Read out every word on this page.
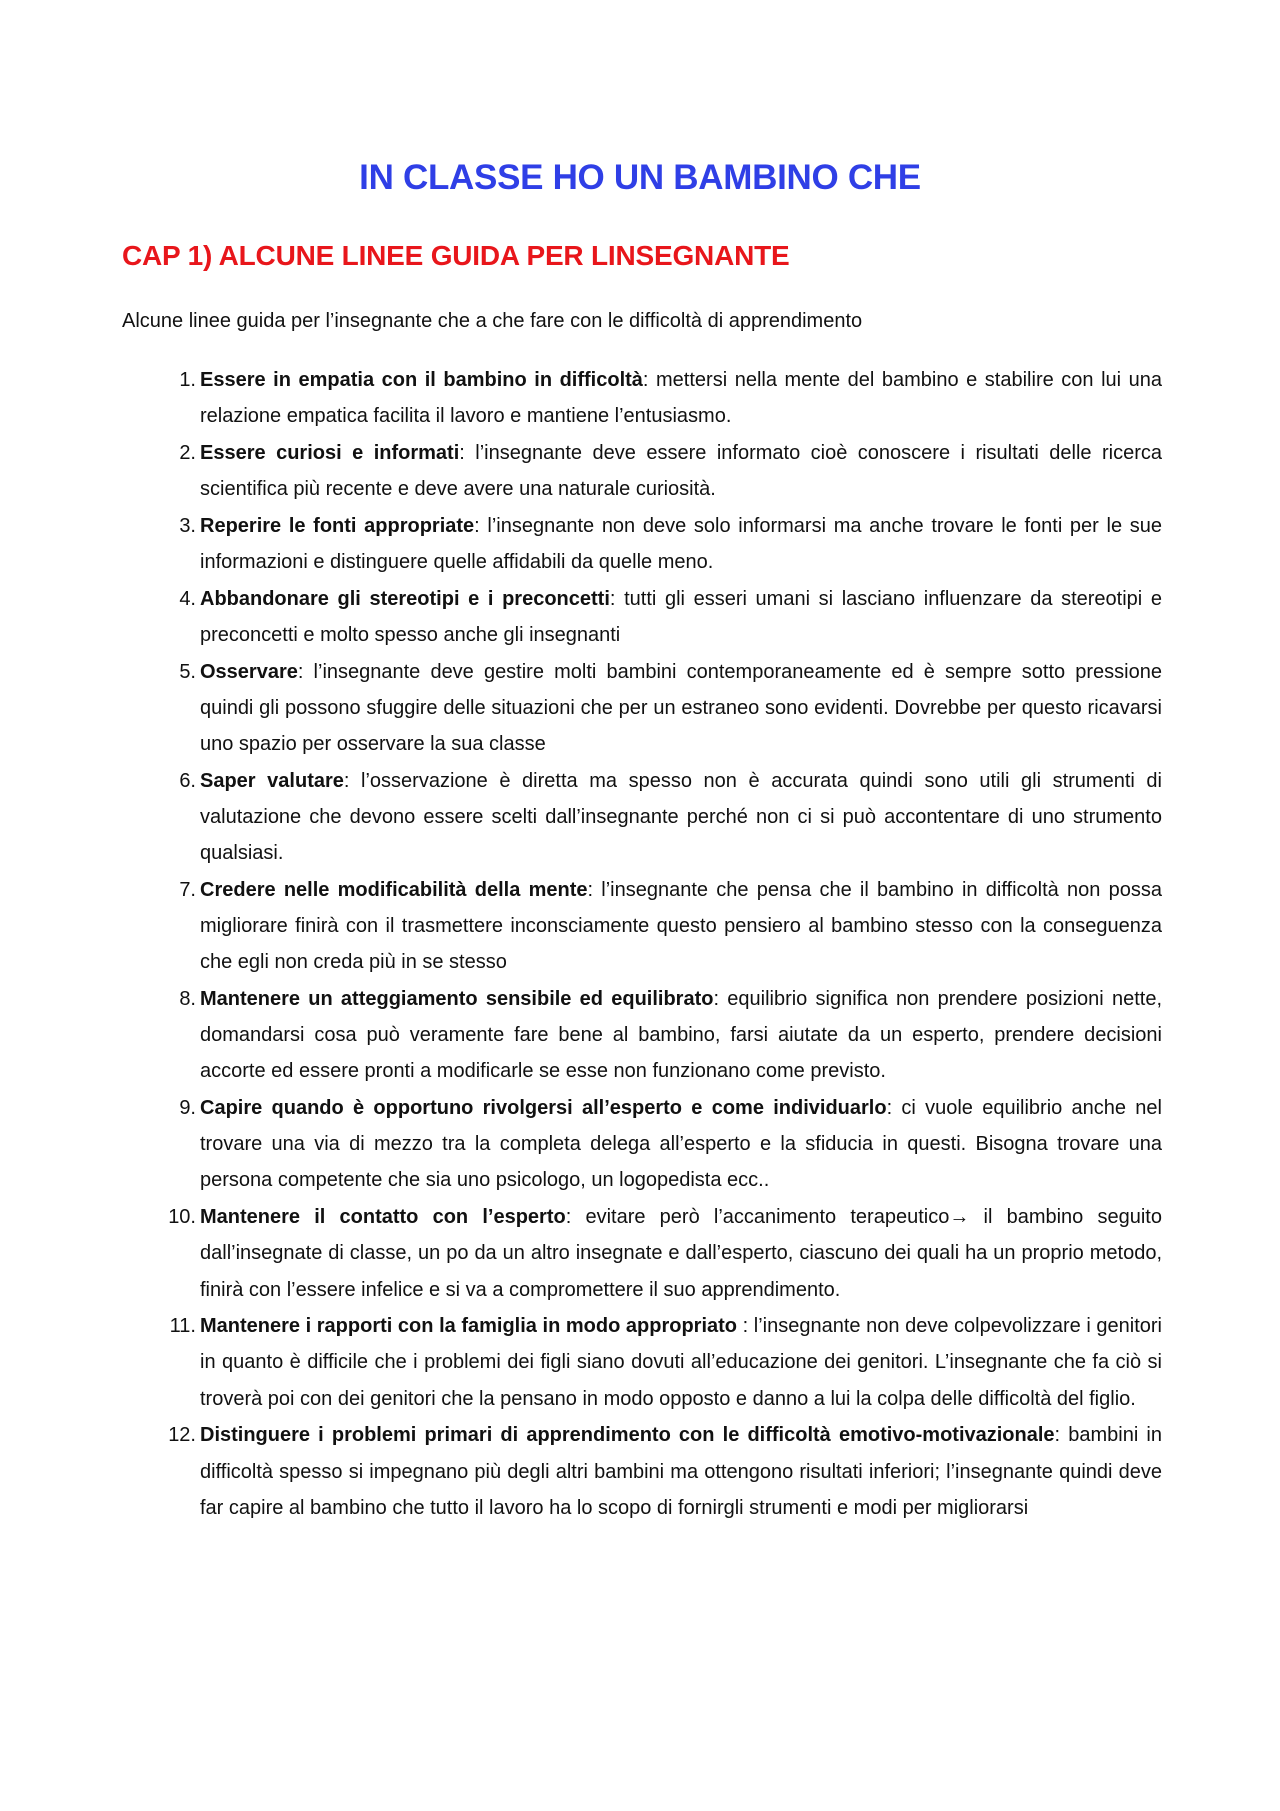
IN CLASSE HO UN BAMBINO CHE
CAP 1) ALCUNE LINEE GUIDA PER LINSEGNANTE

Alcune linee guida per l’insegnante che a che fare con le difficoltà di apprendimento

1. Essere in empatia con il bambino in difficoltà: mettersi nella mente del bambino e stabilire con lui una relazione empatica facilita il lavoro e mantiene l’entusiasmo.
2. Essere curiosi e informati: l’insegnante deve essere informato cioè conoscere i risultati delle ricerca scientifica più recente e deve avere una naturale curiosità.
3. Reperire le fonti appropriate: l’insegnante non deve solo informarsi ma anche trovare le fonti per le sue informazioni e distinguere quelle affidabili da quelle meno.
4. Abbandonare gli stereotipi e i preconcetti: tutti gli esseri umani si lasciano influenzare da stereotipi e preconcetti e molto spesso anche gli insegnanti
5. Osservare: l’insegnante deve gestire molti bambini contemporaneamente ed è sempre sotto pressione quindi gli possono sfuggire delle situazioni che per un estraneo sono evidenti. Dovrebbe per questo ricavarsi uno spazio per osservare la sua classe
6. Saper valutare: l’osservazione è diretta ma spesso non è accurata quindi sono utili gli strumenti di valutazione che devono essere scelti dall’insegnante perché non ci si può accontentare di uno strumento qualsiasi.
7. Credere nelle modificabilità della mente: l’insegnante che pensa che il bambino in difficoltà non possa migliorare finirà con il trasmettere inconsciamente questo pensiero al bambino stesso con la conseguenza che egli non creda più in se stesso
8. Mantenere un atteggiamento sensibile ed equilibrato: equilibrio significa non prendere posizioni nette, domandarsi cosa può veramente fare bene al bambino, farsi aiutate da un esperto, prendere decisioni accorte ed essere pronti a modificarle se esse non funzionano come previsto.
9. Capire quando è opportuno rivolgersi all’esperto e come individuarlo: ci vuole equilibrio anche nel trovare una via di mezzo tra la completa delega all’esperto e la sfiducia in questi. Bisogna trovare una persona competente che sia uno psicologo, un logopedista ecc..
10. Mantenere il contatto con l’esperto: evitare però l’accanimento terapeutico→ il bambino seguito dall’insegnate di classe, un po da un altro insegnate e dall’esperto, ciascuno dei quali ha un proprio metodo, finirà con l’essere infelice e si va a compromettere il suo apprendimento.
11. Mantenere i rapporti con la famiglia in modo appropriato : l’insegnante non deve colpevolizzare i genitori in quanto è difficile che i problemi dei figli siano dovuti all’educazione dei genitori. L’insegnante che fa ciò si troverà poi con dei genitori che la pensano in modo opposto e danno a lui la colpa delle difficoltà del figlio.
12. Distinguere i problemi primari di apprendimento con le difficoltà emotivo-motivazionale: bambini in difficoltà spesso si impegnano più degli altri bambini ma ottengono risultati inferiori; l’insegnante quindi deve far capire al bambino che tutto il lavoro ha lo scopo di fornirgli strumenti e modi per migliorarsi
